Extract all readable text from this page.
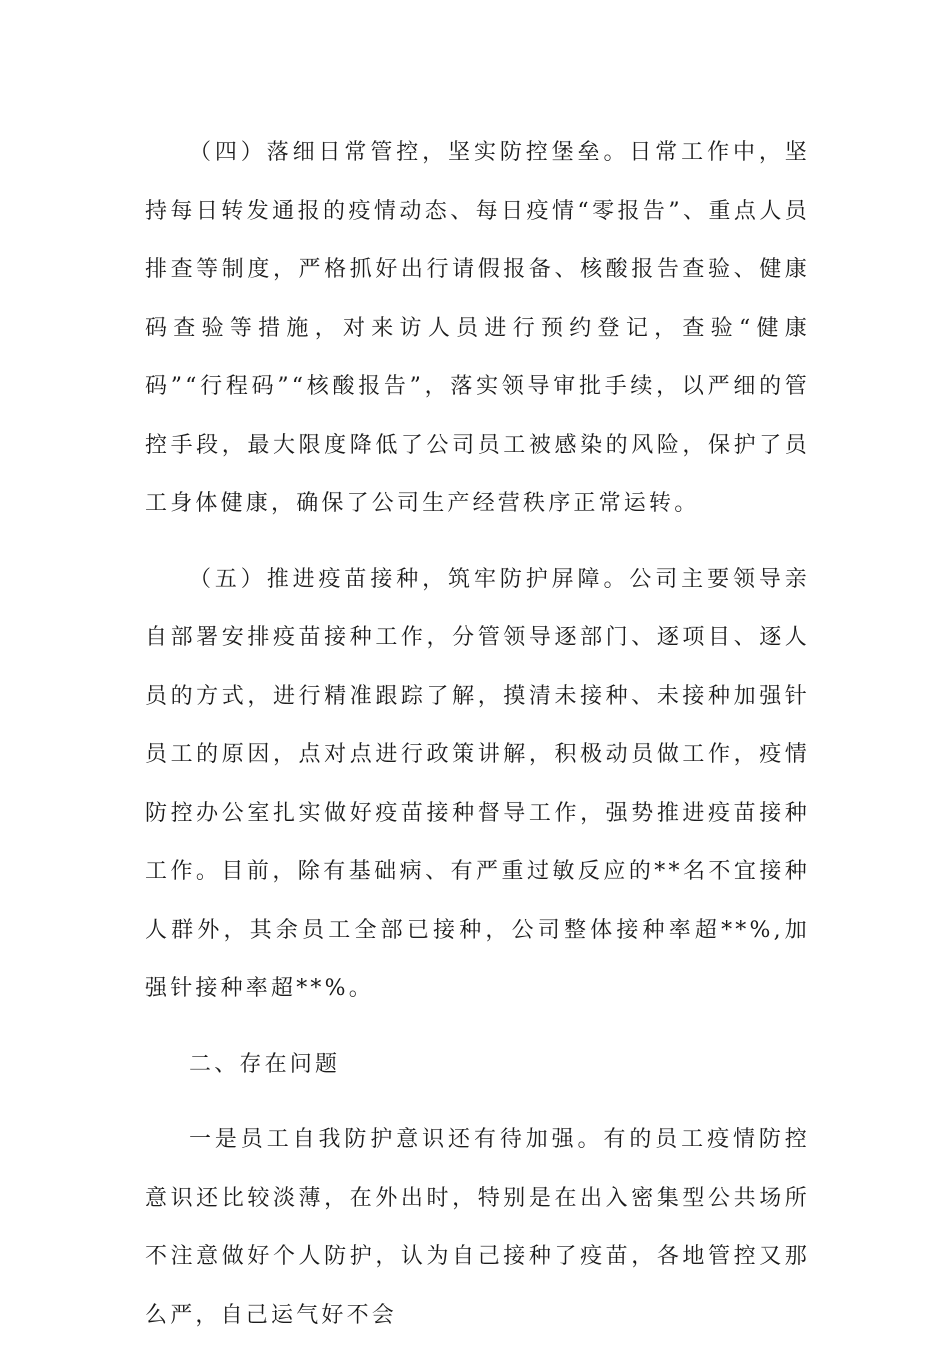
（四）落细日常管控，坚实防控堡垒。日常工作中，坚持每日转发通报的疫情动态、每日疫情“零报告”、重点人员排查等制度，严格抓好出行请假报备、核酸报告查验、健康码查验等措施，对来访人员进行预约登记，查验“健康码”“行程码”“核酸报告”，落实领导审批手续，以严细的管控手段，最大限度降低了公司员工被感染的风险，保护了员工身体健康，确保了公司生产经营秩序正常运转。

（五）推进疫苗接种，筑牢防护屏障。公司主要领导亲自部署安排疫苗接种工作，分管领导逐部门、逐项目、逐人员的方式，进行精准跟踪了解，摸清未接种、未接种加强针员工的原因，点对点进行政策讲解，积极动员做工作，疫情防控办公室扎实做好疫苗接种督导工作，强势推进疫苗接种工作。目前，除有基础病、有严重过敏反应的**名不宜接种人群外，其余员工全部已接种，公司整体接种率超**%,加强针接种率超**%。

二、存在问题

一是员工自我防护意识还有待加强。有的员工疫情防控意识还比较淡薄，在外出时，特别是在出入密集型公共场所不注意做好个人防护，认为自己接种了疫苗，各地管控又那么严，自己运气好不会
